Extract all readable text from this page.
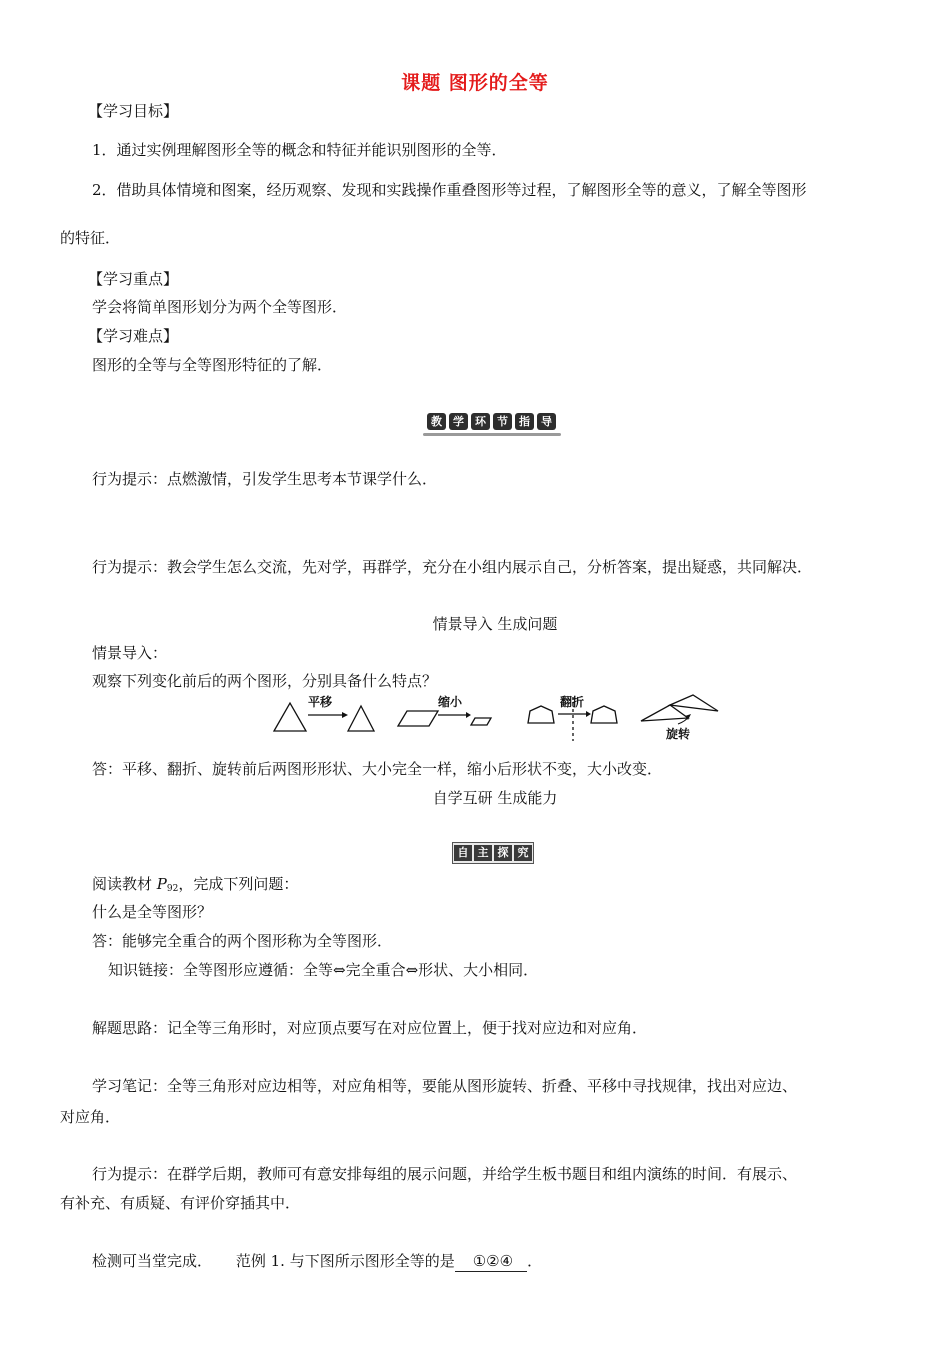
课题 图形的全等
【学习目标】
1．通过实例理解图形全等的概念和特征并能识别图形的全等．
2．借助具体情境和图案，经历观察、发现和实践操作重叠图形等过程，了解图形全等的意义，了解全等图形
的特征．
【学习重点】
学会将简单图形划分为两个全等图形．
【学习难点】
图形的全等与全等图形特征的了解．
教	学	环	节	指	导
行为提示：点燃激情，引发学生思考本节课学什么．
行为提示：教会学生怎么交流，先对学，再群学，充分在小组内展示自己，分析答案，提出疑惑，共同解决．
情景导入 生成问题
情景导入：
观察下列变化前后的两个图形，分别具备什么特点？
平移	缩小	翻折
旋转
答：平移、翻折、旋转前后两图形形状、大小完全一样，缩小后形状不变，大小改变．
自学互研 生成能力
自 主 探 究
阅读教材 $P_{92}$，完成下列问题：
什么是全等图形？
答：能够完全重合的两个图形称为全等图形．
知识链接：全等图形应遵循：全等⇔完全重合⇔形状、大小相同．
解题思路：记全等三角形时，对应顶点要写在对应位置上，便于找对应边和对应角．
学习笔记：全等三角形对应边相等，对应角相等，要能从图形旋转、折叠、平移中寻找规律，找出对应边、
对应角．
行为提示：在群学后期，教师可有意安排每组的展示问题，并给学生板书题目和组内演练的时间．有展示、
有补充、有质疑、有评价穿插其中．
检测可当堂完成． 范例 1. 与下图所示图形全等的是 ①②④ ．
